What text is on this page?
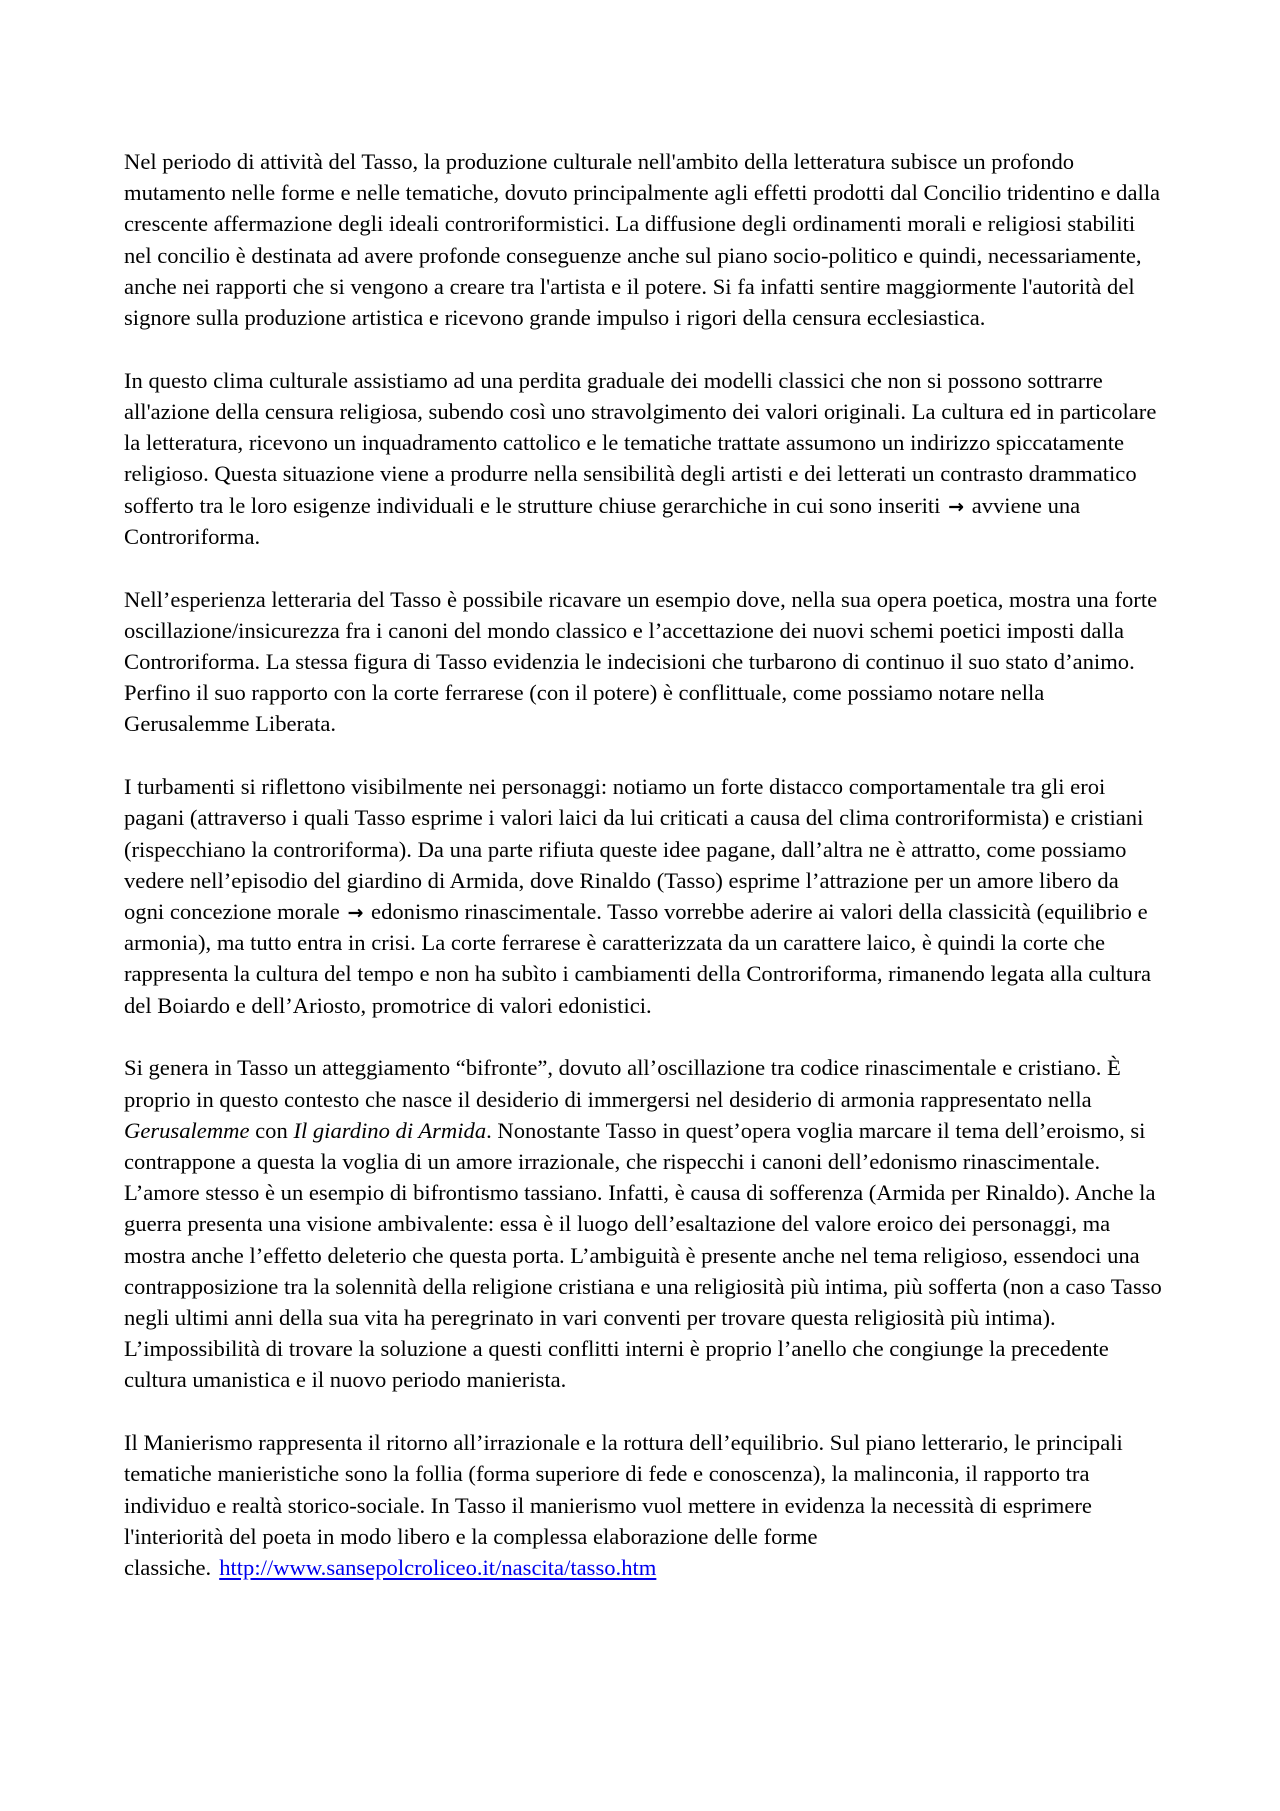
Nel periodo di attività del Tasso, la produzione culturale nell'ambito della letteratura subisce un profondo mutamento nelle forme e nelle tematiche, dovuto principalmente agli effetti prodotti dal Concilio tridentino e dalla crescente affermazione degli ideali controriformistici. La diffusione degli ordinamenti morali e religiosi stabiliti nel concilio è destinata ad avere profonde conseguenze anche sul piano socio-politico e quindi, necessariamente, anche nei rapporti che si vengono a creare tra l'artista e il potere. Si fa infatti sentire maggiormente l'autorità del signore sulla produzione artistica e ricevono grande impulso i rigori della censura ecclesiastica.

In questo clima culturale assistiamo ad una perdita graduale dei modelli classici che non si possono sottrarre all'azione della censura religiosa, subendo così uno stravolgimento dei valori originali. La cultura ed in particolare la letteratura, ricevono un inquadramento cattolico e le tematiche trattate assumono un indirizzo spiccatamente religioso. Questa situazione viene a produrre nella sensibilità degli artisti e dei letterati un contrasto drammatico sofferto tra le loro esigenze individuali e le strutture chiuse gerarchiche in cui sono inseriti → avviene una Controriforma.

Nell’esperienza letteraria del Tasso è possibile ricavare un esempio dove, nella sua opera poetica, mostra una forte oscillazione/insicurezza fra i canoni del mondo classico e l’accettazione dei nuovi schemi poetici imposti dalla Controriforma. La stessa figura di Tasso evidenzia le indecisioni che turbarono di continuo il suo stato d’animo. Perfino il suo rapporto con la corte ferrarese (con il potere) è conflittuale, come possiamo notare nella Gerusalemme Liberata.

I turbamenti si riflettono visibilmente nei personaggi: notiamo un forte distacco comportamentale tra gli eroi pagani (attraverso i quali Tasso esprime i valori laici da lui criticati a causa del clima controriformista) e cristiani (rispecchiano la controriforma). Da una parte rifiuta queste idee pagane, dall’altra ne è attratto, come possiamo vedere nell’episodio del giardino di Armida, dove Rinaldo (Tasso) esprime l’attrazione per un amore libero da ogni concezione morale → edonismo rinascimentale. Tasso vorrebbe aderire ai valori della classicità (equilibrio e armonia), ma tutto entra in crisi. La corte ferrarese è caratterizzata da un carattere laico, è quindi la corte che rappresenta la cultura del tempo e non ha subìto i cambiamenti della Controriforma, rimanendo legata alla cultura del Boiardo e dell’Ariosto, promotrice di valori edonistici.

Si genera in Tasso un atteggiamento “bifronte”, dovuto all’oscillazione tra codice rinascimentale e cristiano. È proprio in questo contesto che nasce il desiderio di immergersi nel desiderio di armonia rappresentato nella Gerusalemme con Il giardino di Armida. Nonostante Tasso in quest’opera voglia marcare il tema dell’eroismo, si contrappone a questa la voglia di un amore irrazionale, che rispecchi i canoni dell’edonismo rinascimentale. L’amore stesso è un esempio di bifrontismo tassiano. Infatti, è causa di sofferenza (Armida per Rinaldo). Anche la guerra presenta una visione ambivalente: essa è il luogo dell’esaltazione del valore eroico dei personaggi, ma mostra anche l’effetto deleterio che questa porta. L’ambiguità è presente anche nel tema religioso, essendoci una contrapposizione tra la solennità della religione cristiana e una religiosità più intima, più sofferta (non a caso Tasso negli ultimi anni della sua vita ha peregrinato in vari conventi per trovare questa religiosità più intima). L’impossibilità di trovare la soluzione a questi conflitti interni è proprio l’anello che congiunge la precedente cultura umanistica e il nuovo periodo manierista.

Il Manierismo rappresenta il ritorno all’irrazionale e la rottura dell’equilibrio. Sul piano letterario, le principali tematiche manieristiche sono la follia (forma superiore di fede e conoscenza), la malinconia, il rapporto tra individuo e realtà storico-sociale. In Tasso il manierismo vuol mettere in evidenza la necessità di esprimere l'interiorità del poeta in modo libero e la complessa elaborazione delle forme classiche. http://www.sansepolcroliceo.it/nascita/tasso.htm
